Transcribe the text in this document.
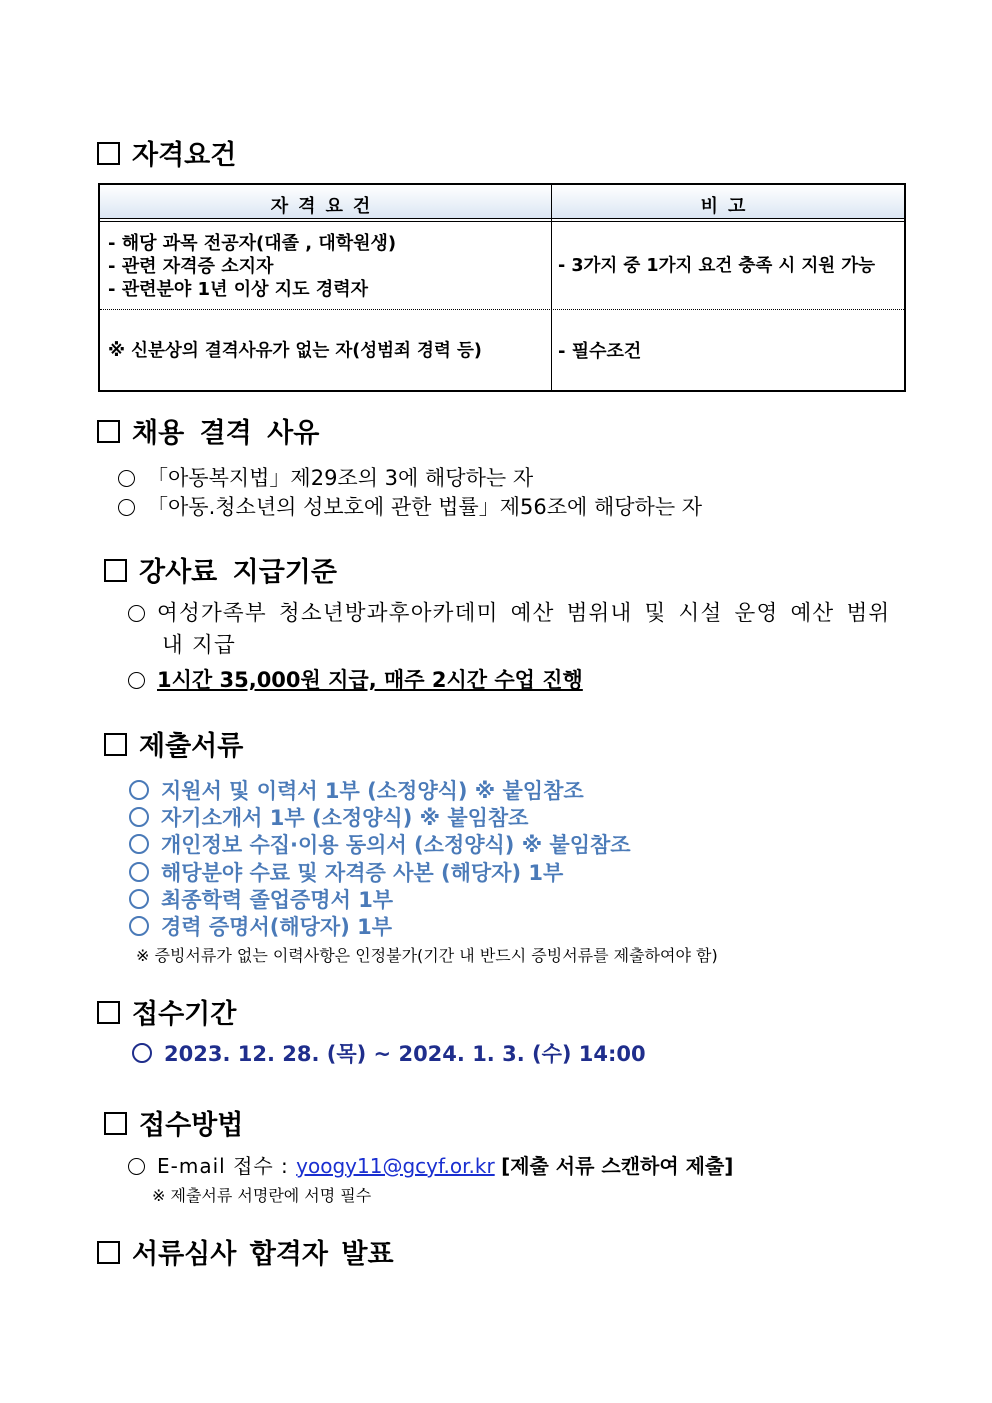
자격요건
자격요건	비고
- 해당 과목 전공자(대졸 , 대학원생)
- 관련 자격증 소지자
- 관련분야 1년 이상 지도 경력자
- 3가지 중 1가지 요건 충족 시 지원 가능
※ 신분상의 결격사유가 없는 자(성범죄 경력 등)	- 필수조건
채용 결격 사유
「아동복지법」제29조의 3에 해당하는 자
「아동.청소년의 성보호에 관한 법률」제56조에 해당하는 자
강사료 지급기준
여성가족부 청소년방과후아카데미 예산 범위내 및 시설 운영 예산 범위
내 지급
1시간 35,000원 지급, 매주 2시간 수업 진행
제출서류
지원서 및 이력서 1부 (소정양식) ※ 붙임참조
자기소개서 1부 (소정양식) ※ 붙임참조
개인정보 수집·이용 동의서 (소정양식) ※ 붙임참조
해당분야 수료 및 자격증 사본 (해당자) 1부
최종학력 졸업증명서 1부
경력 증명서(해당자) 1부
※ 증빙서류가 없는 이력사항은 인정불가(기간 내 반드시 증빙서류를 제출하여야 함)
접수기간
2023. 12. 28. (목) ~ 2024. 1. 3. (수) 14:00
접수방법
E-mail 접수 : yoogy11@gcyf.or.kr [제출 서류 스캔하여 제출]
※ 제출서류 서명란에 서명 필수
서류심사 합격자 발표
